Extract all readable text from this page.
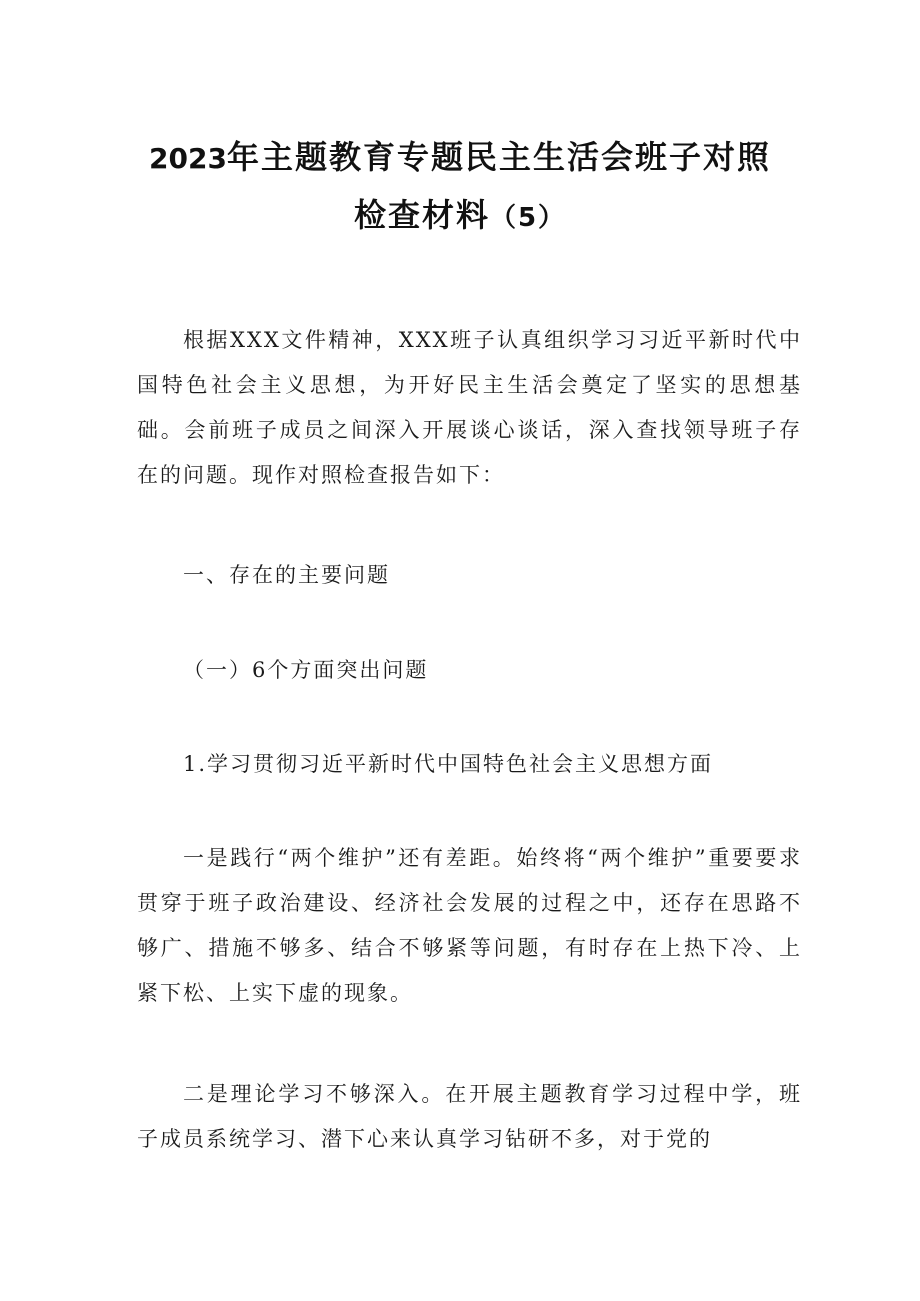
2023年主题教育专题民主生活会班子对照
检查材料（5）

根据XXX文件精神，XXX班子认真组织学习习近平新时代中国特色社会主义思想，为开好民主生活会奠定了坚实的思想基础。会前班子成员之间深入开展谈心谈话，深入查找领导班子存在的问题。现作对照检查报告如下：

一、存在的主要问题

（一）6个方面突出问题

1.学习贯彻习近平新时代中国特色社会主义思想方面

一是践行“两个维护”还有差距。始终将“两个维护”重要要求贯穿于班子政治建设、经济社会发展的过程之中，还存在思路不够广、措施不够多、结合不够紧等问题，有时存在上热下冷、上紧下松、上实下虚的现象。

二是理论学习不够深入。在开展主题教育学习过程中学，班子成员系统学习、潜下心来认真学习钻研不多，对于党的
